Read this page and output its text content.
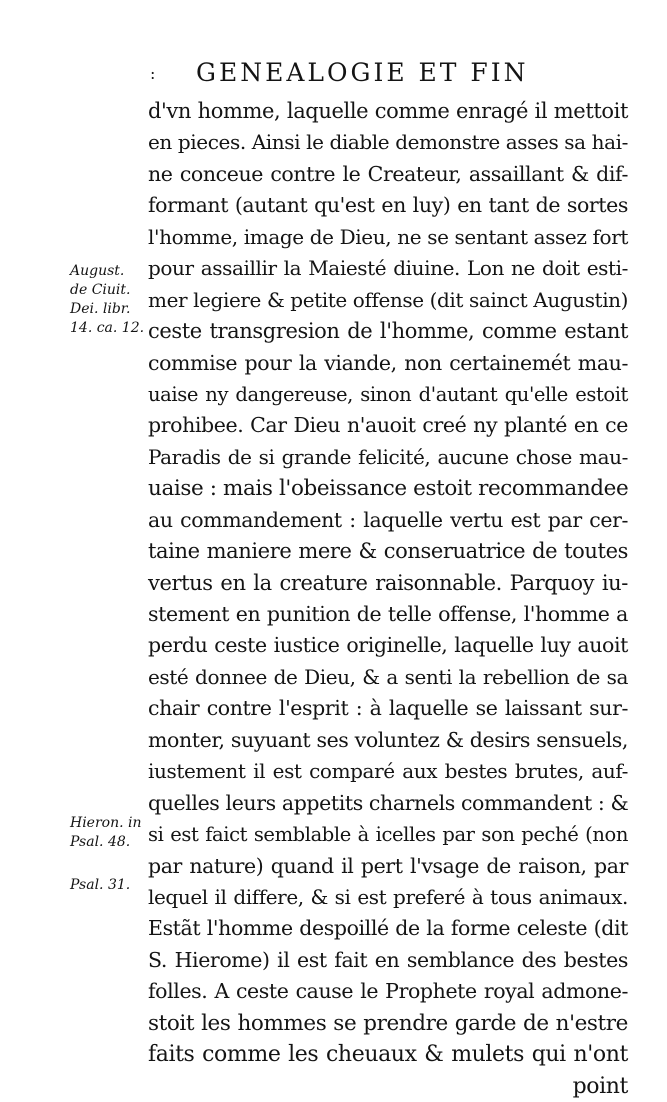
: GENEALOGIE ET FIN
d'vn homme, laquelle comme enragé il mettoit
en pieces. Ainsi le diable demonstre asses sa hai-
ne conceue contre le Createur, assaillant & dif-
formant (autant qu'est en luy) en tant de sortes
l'homme, image de Dieu, ne se sentant assez fort
pour assaillir la Maiesté diuine. Lon ne doit esti-
mer legiere & petite offense (dit sainct Augustin)
ceste transgresion de l'homme, comme estant
commise pour la viande, non certainemét mau-
uaise ny dangereuse, sinon d'autant qu'elle estoit
prohibee. Car Dieu n'auoit creé ny planté en ce
Paradis de si grande felicité, aucune chose mau-
uaise : mais l'obeissance estoit recommandee
au commandement : laquelle vertu est par cer-
taine maniere mere & conseruatrice de toutes
vertus en la creature raisonnable. Parquoy iu-
stement en punition de telle offense, l'homme a
perdu ceste iustice originelle, laquelle luy auoit
esté donnee de Dieu, & a senti la rebellion de sa
chair contre l'esprit : à laquelle se laissant sur-
monter, suyuant ses voluntez & desirs sensuels,
iustement il est comparé aux bestes brutes, auf-
quelles leurs appetits charnels commandent : &
si est faict semblable à icelles par son peché (non
par nature) quand il pert l'vsage de raison, par
lequel il differe, & si est preferé à tous animaux.
Estãt l'homme despoillé de la forme celeste (dit
S. Hierome) il est fait en semblance des bestes
folles. A ceste cause le Prophete royal admone-
stoit les hommes se prendre garde de n'estre
faits comme les cheuaux & mulets qui n'ont
point
August.
de Ciuit.
Dei. libr.
14. ca. 12.
Hieron. in
Psal. 48.
Psal. 31.
